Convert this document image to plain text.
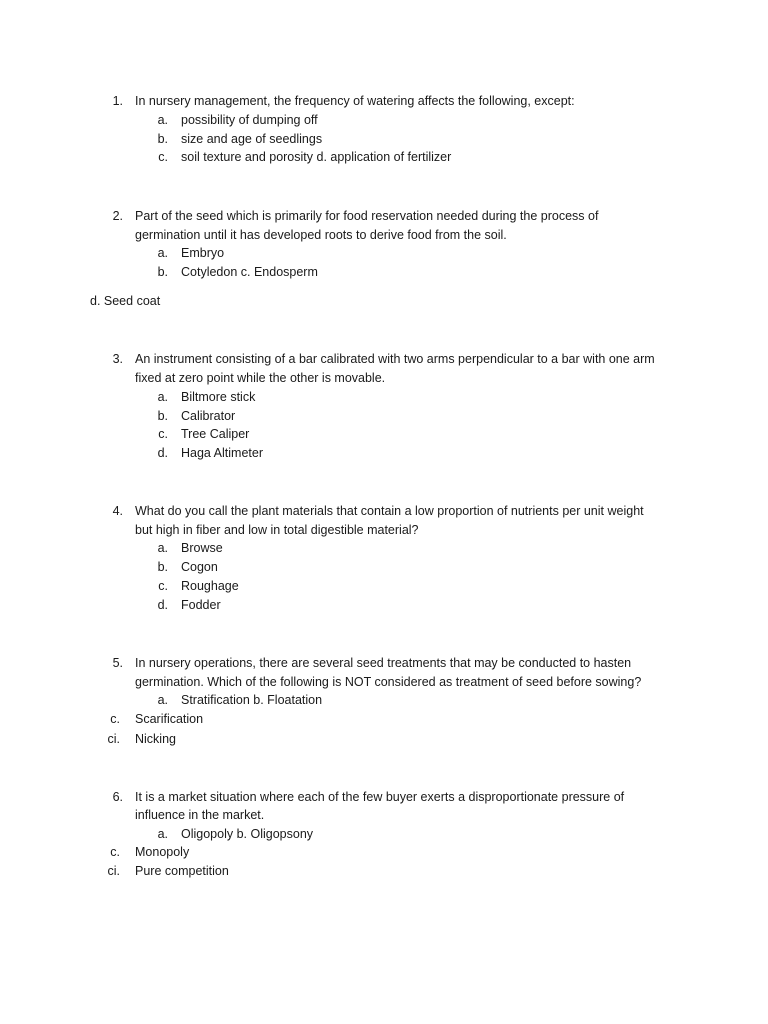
1. In nursery management, the frequency of watering affects the following, except:
a. possibility of dumping off
b. size and age of seedlings
c. soil texture and porosity d. application of fertilizer
2. Part of the seed which is primarily for food reservation needed during the process of
germination until it has developed roots to derive food from the soil.
a. Embryo
b. Cotyledon c. Endosperm
d. Seed coat
3. An instrument consisting of a bar calibrated with two arms perpendicular to a bar with one arm
fixed at zero point while the other is movable.
a. Biltmore stick
b. Calibrator
c. Tree Caliper
d. Haga Altimeter
4. What do you call the plant materials that contain a low proportion of nutrients per unit weight
but high in fiber and low in total digestible material?
a. Browse
b. Cogon
c. Roughage
d. Fodder
5. In nursery operations, there are several seed treatments that may be conducted to hasten
germination. Which of the following is NOT considered as treatment of seed before sowing?
a. Stratification b. Floatation
c. Scarification
ci. Nicking
6. It is a market situation where each of the few buyer exerts a disproportionate pressure of
influence in the market.
a. Oligopoly b. Oligopsony
c. Monopoly
ci. Pure competition
